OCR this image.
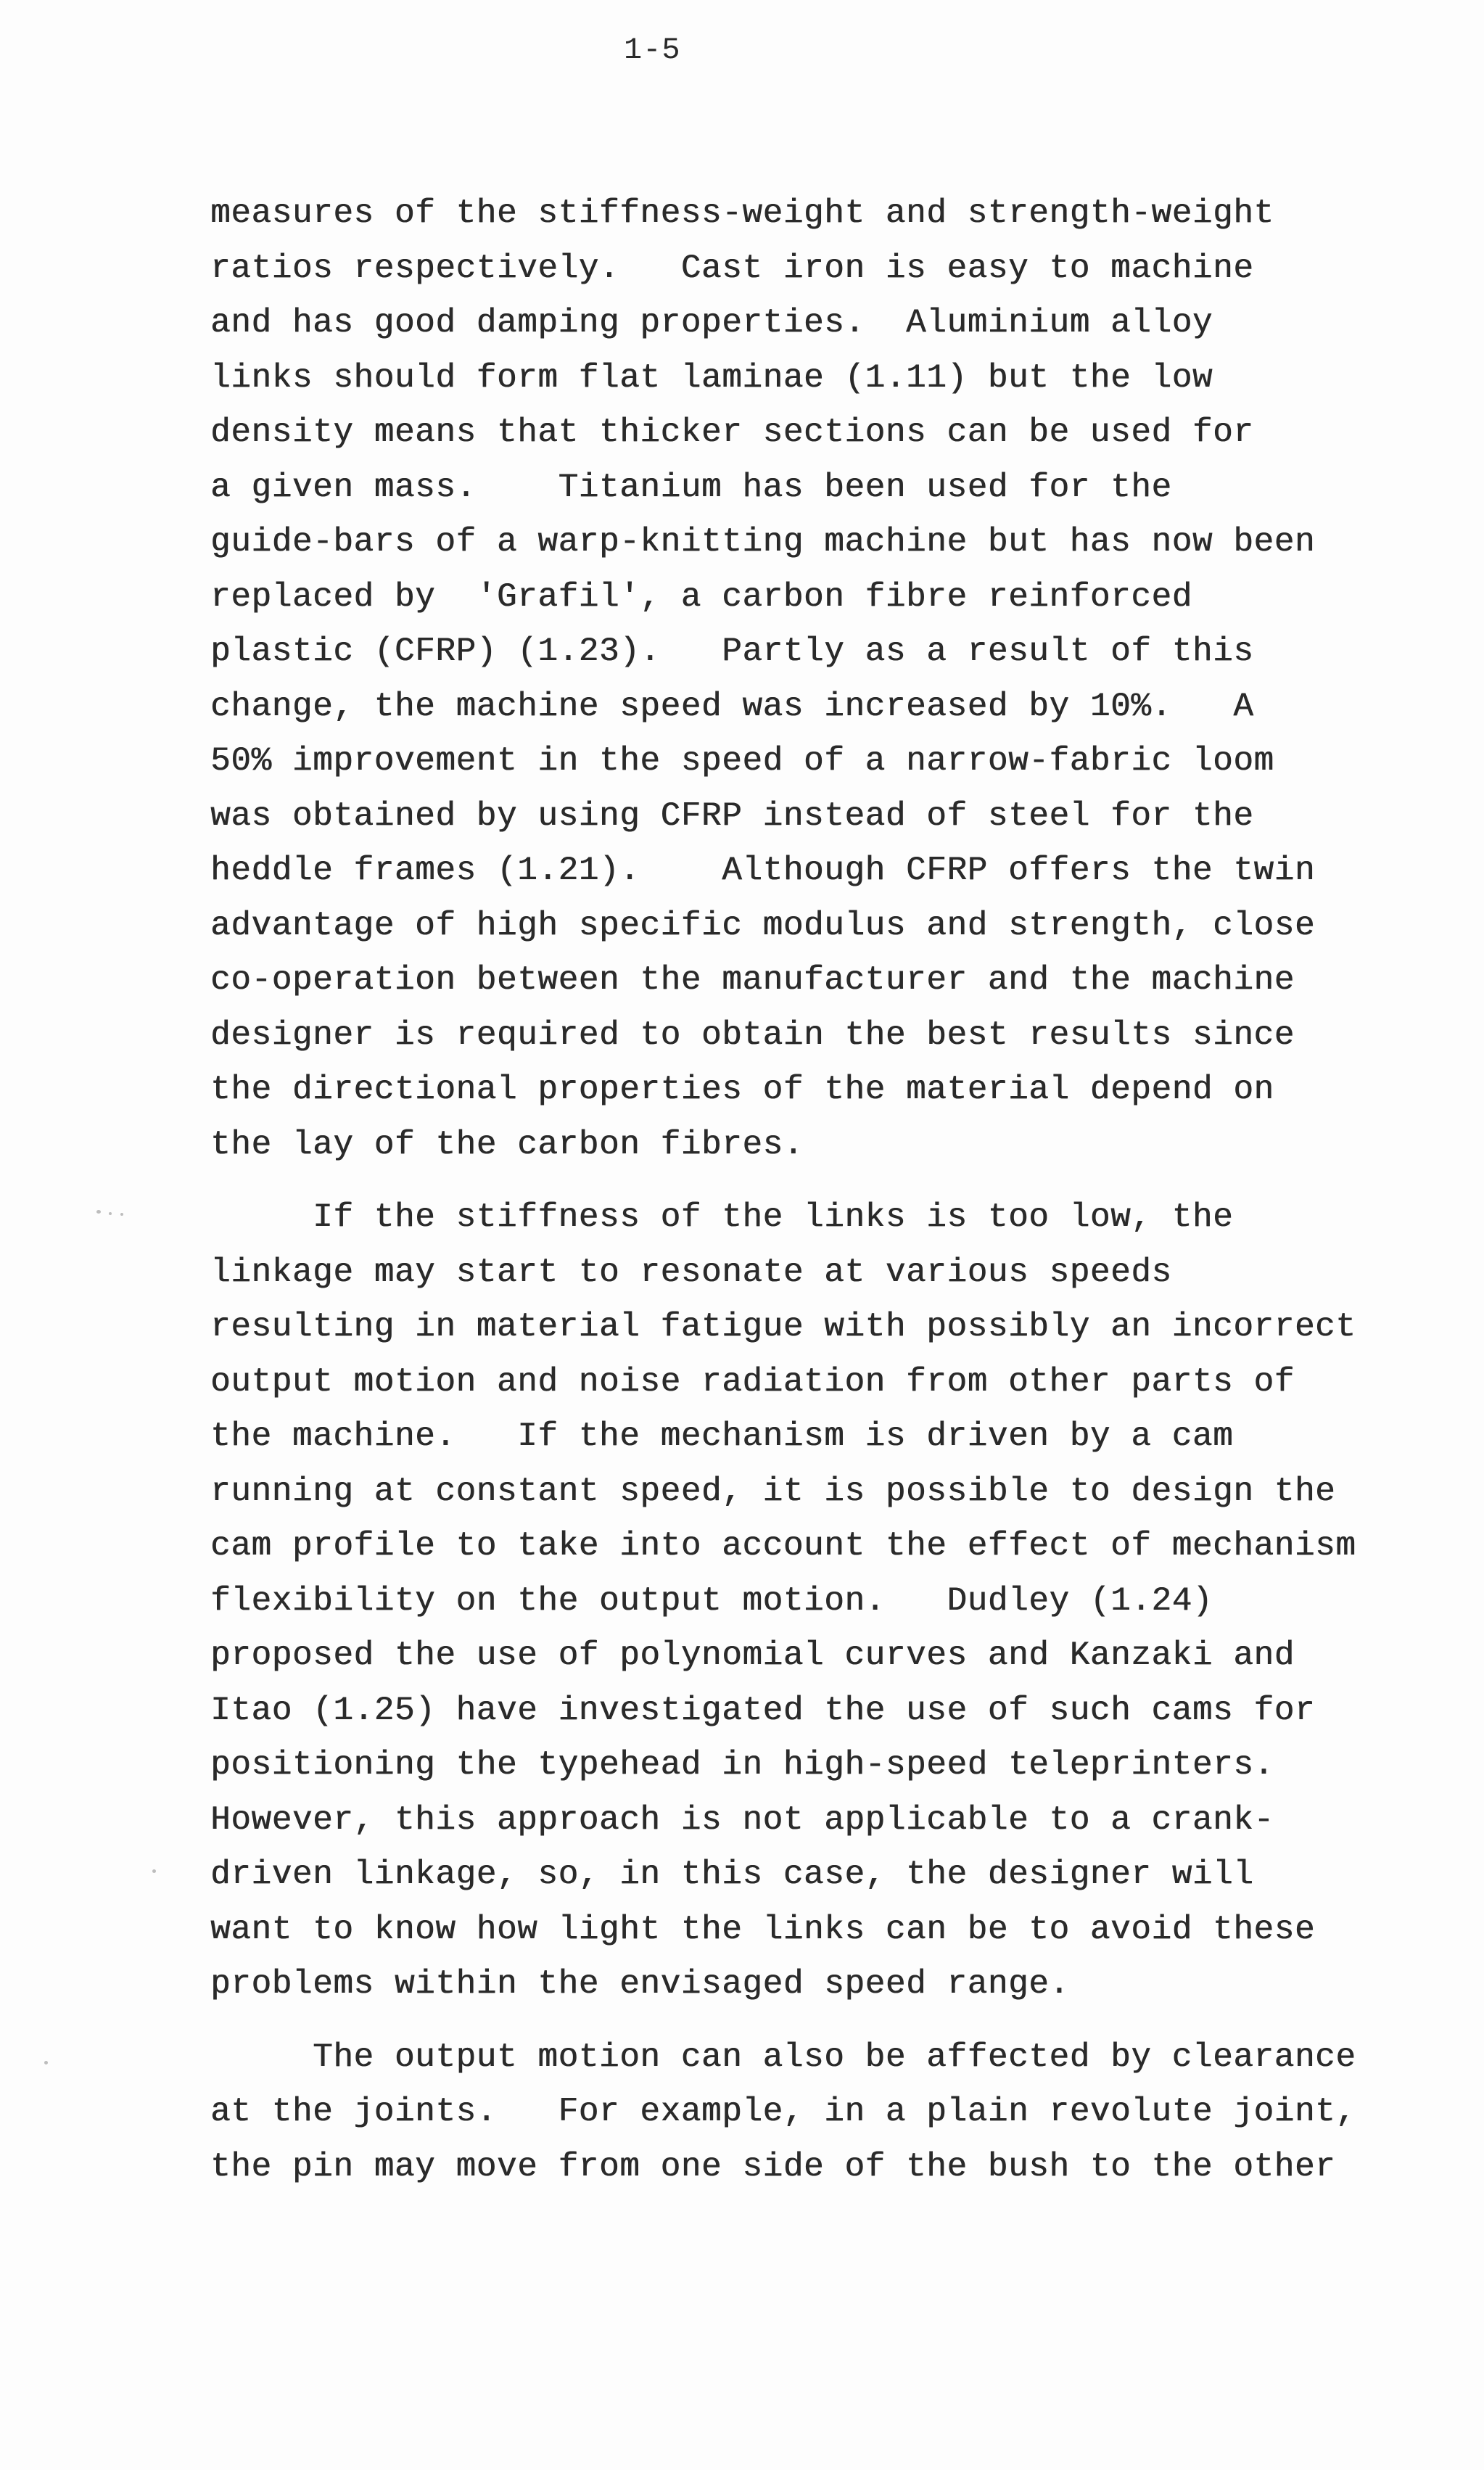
1-5
measures of the stiffness-weight and strength-weight
ratios respectively.   Cast iron is easy to machine
and has good damping properties.  Aluminium alloy
links should form flat laminae (1.11) but the low
density means that thicker sections can be used for
a given mass.    Titanium has been used for the
guide-bars of a warp-knitting machine but has now been
replaced by  'Grafil', a carbon fibre reinforced
plastic (CFRP) (1.23).   Partly as a result of this
change, the machine speed was increased by 10%.   A
50% improvement in the speed of a narrow-fabric loom
was obtained by using CFRP instead of steel for the
heddle frames (1.21).    Although CFRP offers the twin
advantage of high specific modulus and strength, close
co-operation between the manufacturer and the machine
designer is required to obtain the best results since
the directional properties of the material depend on
the lay of the carbon fibres.
If the stiffness of the links is too low, the
linkage may start to resonate at various speeds
resulting in material fatigue with possibly an incorrect
output motion and noise radiation from other parts of
the machine.   If the mechanism is driven by a cam
running at constant speed, it is possible to design the
cam profile to take into account the effect of mechanism
flexibility on the output motion.   Dudley (1.24)
proposed the use of polynomial curves and Kanzaki and
Itao (1.25) have investigated the use of such cams for
positioning the typehead in high-speed teleprinters.
However, this approach is not applicable to a crank-
driven linkage, so, in this case, the designer will
want to know how light the links can be to avoid these
problems within the envisaged speed range.
The output motion can also be affected by clearance
at the joints.   For example, in a plain revolute joint,
the pin may move from one side of the bush to the other
